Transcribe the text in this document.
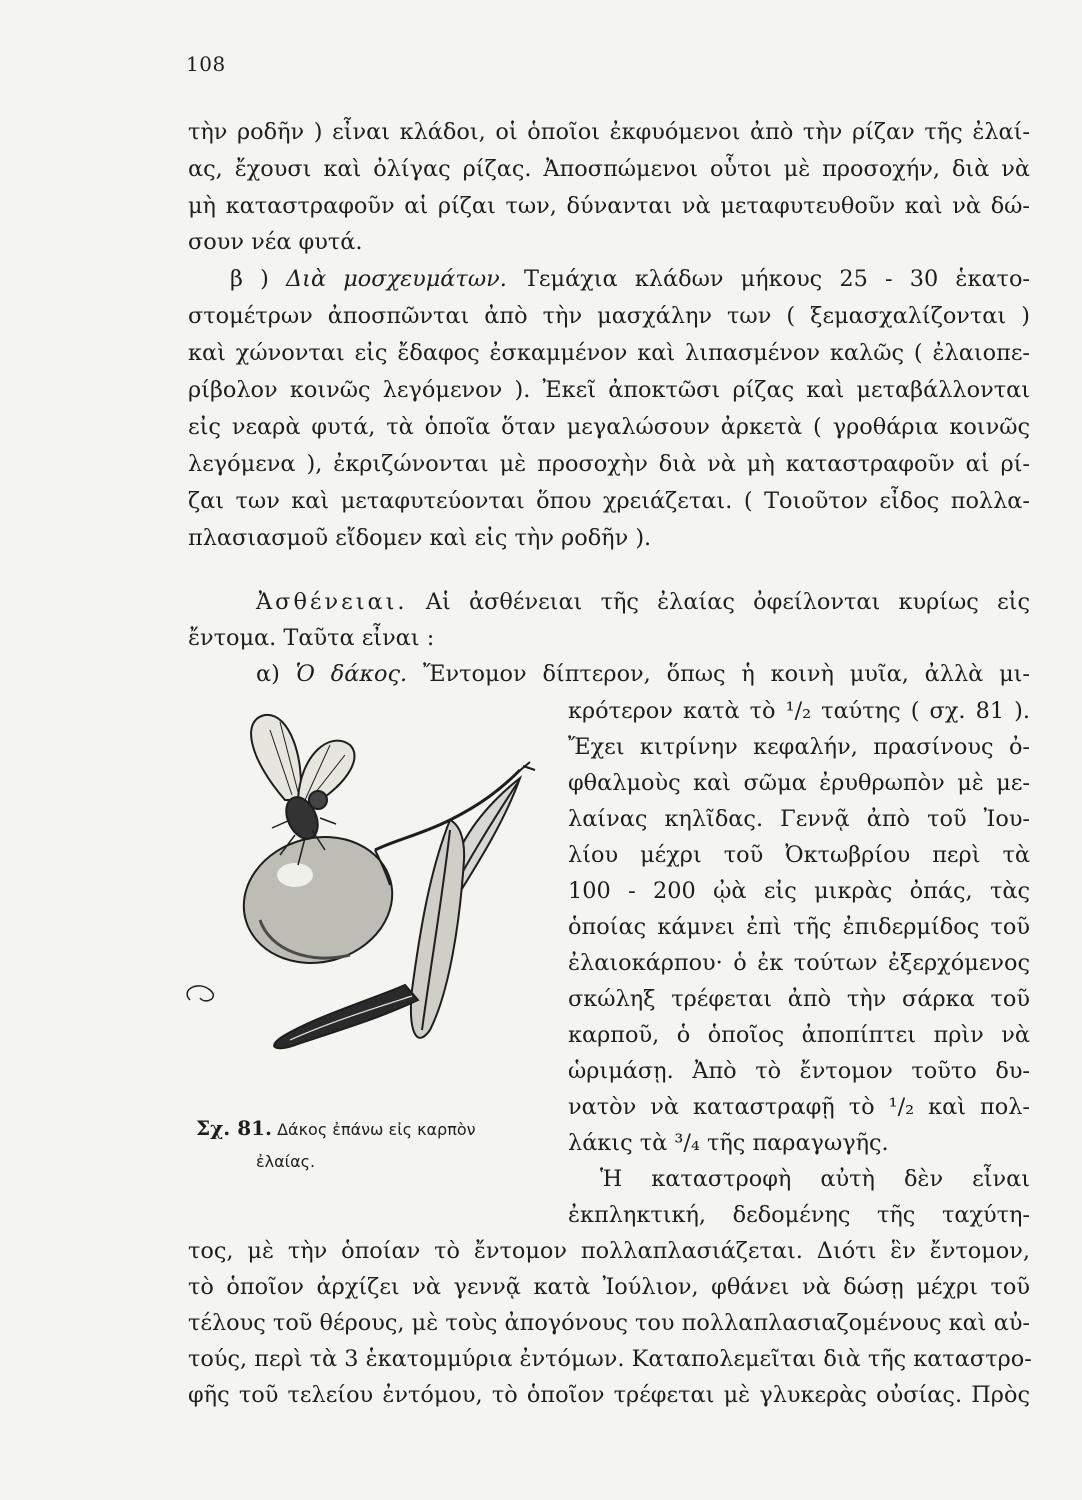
108
τὴν ροδῆν ) εἶναι κλάδοι, οἱ ὁποῖοι ἐκφυόμενοι ἀπὸ τὴν ρίζαν τῆς ἐλαί-
ας, ἔχουσι καὶ ὀλίγας ρίζας. Ἀποσπώμενοι οὗτοι μὲ προσοχήν, διὰ νὰ
μὴ καταστραφοῦν αἱ ρίζαι των, δύνανται νὰ μεταφυτευθοῦν καὶ νὰ δώ-
σουν νέα φυτά.
β ) Διὰ μοσχευμάτων. Τεμάχια κλάδων μήκους 25 - 30 ἑκατο-
στομέτρων ἀποσπῶνται ἀπὸ τὴν μασχάλην των ( ξεμασχαλίζονται )
καὶ χώνονται εἰς ἔδαφος ἐσκαμμένον καὶ λιπασμένον καλῶς ( ἐλαιοπε-
ρίβολον κοινῶς λεγόμενον ). Ἐκεῖ ἀποκτῶσι ρίζας καὶ μεταβάλλονται
εἰς νεαρὰ φυτά, τὰ ὁποῖα ὅταν μεγαλώσουν ἀρκετὰ ( γροθάρια κοινῶς
λεγόμενα ), ἐκριζώνονται μὲ προσοχὴν διὰ νὰ μὴ καταστραφοῦν αἱ ρί-
ζαι των καὶ μεταφυτεύονται ὅπου χρειάζεται. ( Τοιοῦτον εἶδος πολλα-
πλασιασμοῦ εἴδομεν καὶ εἰς τὴν ροδῆν ).
Ἀσθένειαι. Αἱ ἀσθένειαι τῆς ἐλαίας ὀφείλονται κυρίως εἰς
ἔντομα. Ταῦτα εἶναι :
α) Ὁ δάκος. Ἔντομον δίπτερον, ὅπως ἡ κοινὴ μυῖα, ἀλλὰ μι-
κρότερον κατὰ τὸ ¹/₂ ταύτης ( σχ. 81 ).
Ἔχει κιτρίνην κεφαλήν, πρασίνους ὀ-
φθαλμοὺς καὶ σῶμα ἐρυθρωπὸν μὲ με-
λαίνας κηλῖδας. Γεννᾷ ἀπὸ τοῦ Ἰου-
λίου μέχρι τοῦ Ὀκτωβρίου περὶ τὰ
100 - 200 ᾠὰ εἰς μικρὰς ὀπάς, τὰς
ὁποίας κάμνει ἐπὶ τῆς ἐπιδερμίδος τοῦ
ἐλαιοκάρπου· ὁ ἐκ τούτων ἐξερχόμενος
σκώληξ τρέφεται ἀπὸ τὴν σάρκα τοῦ
καρποῦ, ὁ ὁποῖος ἀποπίπτει πρὶν νὰ
ὡριμάσῃ. Ἀπὸ τὸ ἔντομον τοῦτο δυ-
νατὸν νὰ καταστραφῇ τὸ ¹/₂ καὶ πολ-
λάκις τὰ ³/₄ τῆς παραγωγῆς.
Ἡ καταστροφὴ αὐτὴ δὲν εἶναι
ἐκπληκτική, δεδομένης τῆς ταχύτη-
τος, μὲ τὴν ὁποίαν τὸ ἔντομον πολλαπλασιάζεται. Διότι ἓν ἔντομον,
τὸ ὁποῖον ἀρχίζει νὰ γεννᾷ κατὰ Ἰούλιον, φθάνει νὰ δώσῃ μέχρι τοῦ
τέλους τοῦ θέρους, μὲ τοὺς ἀπογόνους του πολλαπλασιαζομένους καὶ αὐ-
τούς, περὶ τὰ 3 ἑκατομμύρια ἐντόμων. Καταπολεμεῖται διὰ τῆς καταστρο-
φῆς τοῦ τελείου ἐντόμου, τὸ ὁποῖον τρέφεται μὲ γλυκερὰς οὐσίας. Πρὸς
Σχ. 81. Δάκος ἐπάνω εἰς καρπὸν
ἐλαίας.
